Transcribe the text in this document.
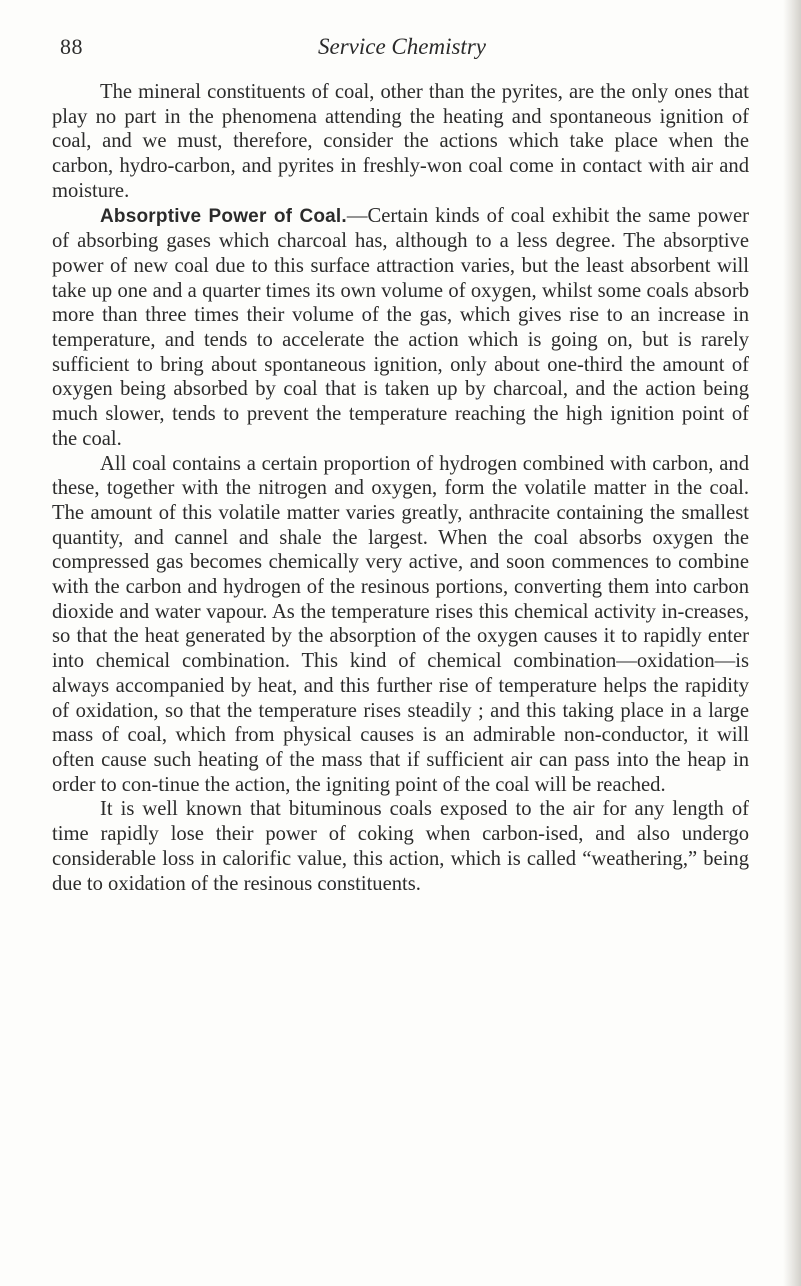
88	Service Chemistry

The mineral constituents of coal, other than the pyrites, are the only ones that play no part in the phenomena attending the heating and spontaneous ignition of coal, and we must, therefore, consider the actions which take place when the carbon, hydro-carbon, and pyrites in freshly-won coal come in contact with air and moisture.

Absorptive Power of Coal.—Certain kinds of coal exhibit the same power of absorbing gases which charcoal has, although to a less degree. The absorptive power of new coal due to this surface attraction varies, but the least absorbent will take up one and a quarter times its own volume of oxygen, whilst some coals absorb more than three times their volume of the gas, which gives rise to an increase in temperature, and tends to accelerate the action which is going on, but is rarely sufficient to bring about spontaneous ignition, only about one-third the amount of oxygen being absorbed by coal that is taken up by charcoal, and the action being much slower, tends to prevent the temperature reaching the high ignition point of the coal.

All coal contains a certain proportion of hydrogen combined with carbon, and these, together with the nitrogen and oxygen, form the volatile matter in the coal. The amount of this volatile matter varies greatly, anthracite containing the smallest quantity, and cannel and shale the largest. When the coal absorbs oxygen the compressed gas becomes chemically very active, and soon commences to combine with the carbon and hydrogen of the resinous portions, converting them into carbon dioxide and water vapour. As the temperature rises this chemical activity in-creases, so that the heat generated by the absorption of the oxygen causes it to rapidly enter into chemical combination. This kind of chemical combination—oxidation—is always accompanied by heat, and this further rise of temperature helps the rapidity of oxidation, so that the temperature rises steadily ; and this taking place in a large mass of coal, which from physical causes is an admirable non-conductor, it will often cause such heating of the mass that if sufficient air can pass into the heap in order to con-tinue the action, the igniting point of the coal will be reached.

It is well known that bituminous coals exposed to the air for any length of time rapidly lose their power of coking when carbon-ised, and also undergo considerable loss in calorific value, this action, which is called “weathering,” being due to oxidation of the resinous constituents.
